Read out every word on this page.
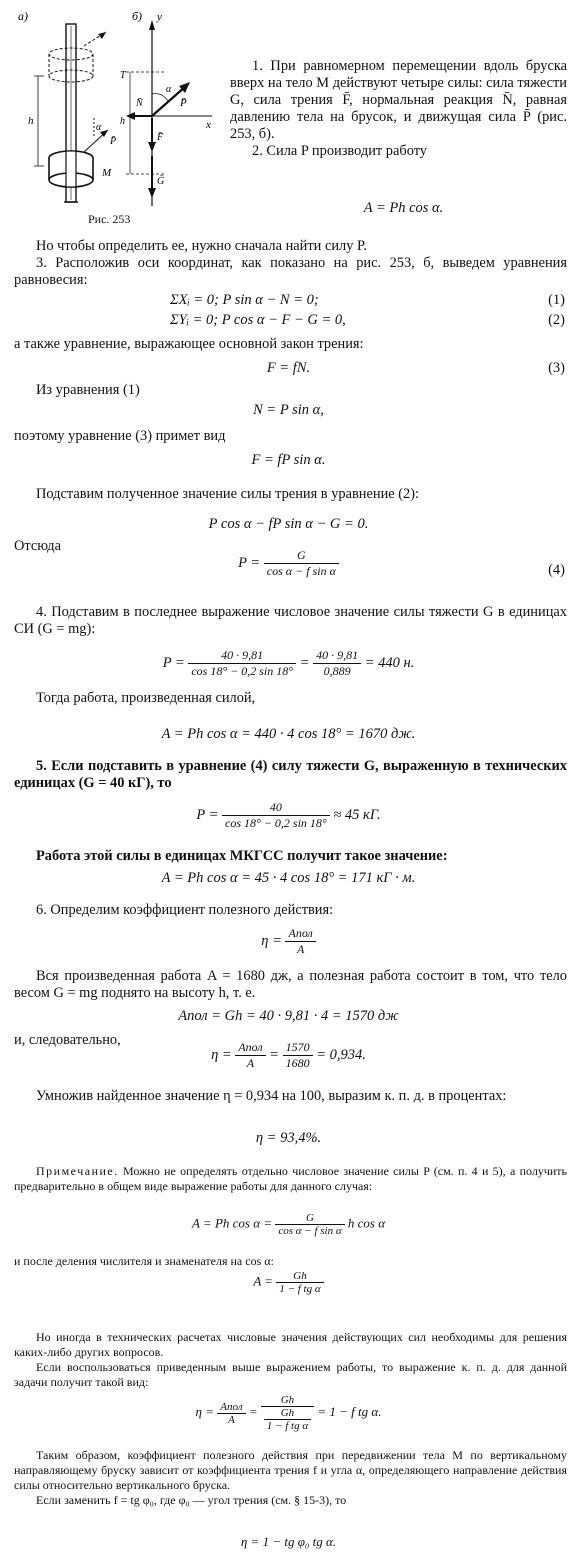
а)	б)
h
M
P̄
α
y
x
h
T
P̄
α
N̄
F̄
Ḡ
Рис. 253

1. При равномерном перемещении вдоль бруска вверх на тело M действуют четыре силы: сила тяжести G, сила трения F̄, нормальная реакция N̄, равная давлению тела на брусок, и движущая сила P̄ (рис. 253, б).

2. Сила P производит работу

A = Ph cos α.

Но чтобы определить ее, нужно сначала найти силу P.

3. Расположив оси координат, как показано на рис. 253, б, выведем уравнения равновесия:

ΣXᵢ = 0; P sin α − N = 0;	(1)
ΣYᵢ = 0; P cos α − F − G = 0,	(2)

а также уравнение, выражающее основной закон трения:

F = fN.	(3)

Из уравнения (1)

N = P sin α,

поэтому уравнение (3) примет вид

F = fP sin α.

Подставим полученное значение силы трения в уравнение (2):

P cos α − fP sin α − G = 0.

Отсюда

$P = \frac{G}{\text{cos α − f sin α}}$	(4)

4. Подставим в последнее выражение числовое значение силы тяжести G в единицах СИ (G = mg):

$P = \frac{40 \cdot 9,81}{\cos 18^\circ - 0,2 \sin 18^\circ} = \frac{40 \cdot 9,81}{0,889} = 440$ н.

Тогда работа, произведенная силой,

A = Ph cos α = 440 · 4 cos 18° = 1670 дж.

5. Если подставить в уравнение (4) силу тяжести G, выраженную в технических единицах (G = 40 кГ), то

$P = \frac{40}{\cos 18^\circ - 0,2 \sin 18^\circ} \approx 45$ кГ.

Работа этой силы в единицах МКГСС получит такое значение:

A = Ph cos α = 45 · 4 cos 18° = 171 кГ · м.

6. Определим коэффициент полезного действия:

$\eta = \frac{\text{Aпол}}{A}$

Вся произведенная работа A = 1680 дж, а полезная работа состоит в том, что тело весом G = mg поднято на высоту h, т. е.

Aпол = Gh = 40 · 9,81 · 4 = 1570 дж

и, следовательно,

$\eta = \frac{\text{Aпол}}{A} = \frac{1570}{1680} = 0,934$.

Умножив найденное значение η = 0,934 на 100, выразим к. п. д. в процентах:

η = 93,4%.

Примечание. Можно не определять отдельно числовое значение силы P (см. п. 4 и 5), а получить предварительно в общем виде выражение работы для данного случая:

A = Ph $\cos \alpha = \frac{G}{\text{cos α − f sin α}}$ h cos α

и после деления числителя и знаменателя на cos α:

$A = \frac{Gh}{\text{1 − f tg α}}$

Но иногда в технических расчетах числовые значения действующих сил необходимы для решения каких-либо других вопросов.

Если воспользоваться приведенным выше выражением работы, то выражение к. п. д. для данной задачи получит такой вид:

$\eta = \frac{\text{Aпол}}{A} = \frac{Gh}{\frac{Gh}{\text{1 − f tg α}}} = 1 - f$ tg α.

Таким образом, коэффициент полезного действия при передвижении тела M по вертикальному направляющему бруску зависит от коэффициента трения f и угла α, определяющего направление действия силы относительно вертикального бруска.

Если заменить f = tg φ₀, где φ₀ — угол трения (см. § 15-3), то

η = 1 − tg φ₀ tg α.
